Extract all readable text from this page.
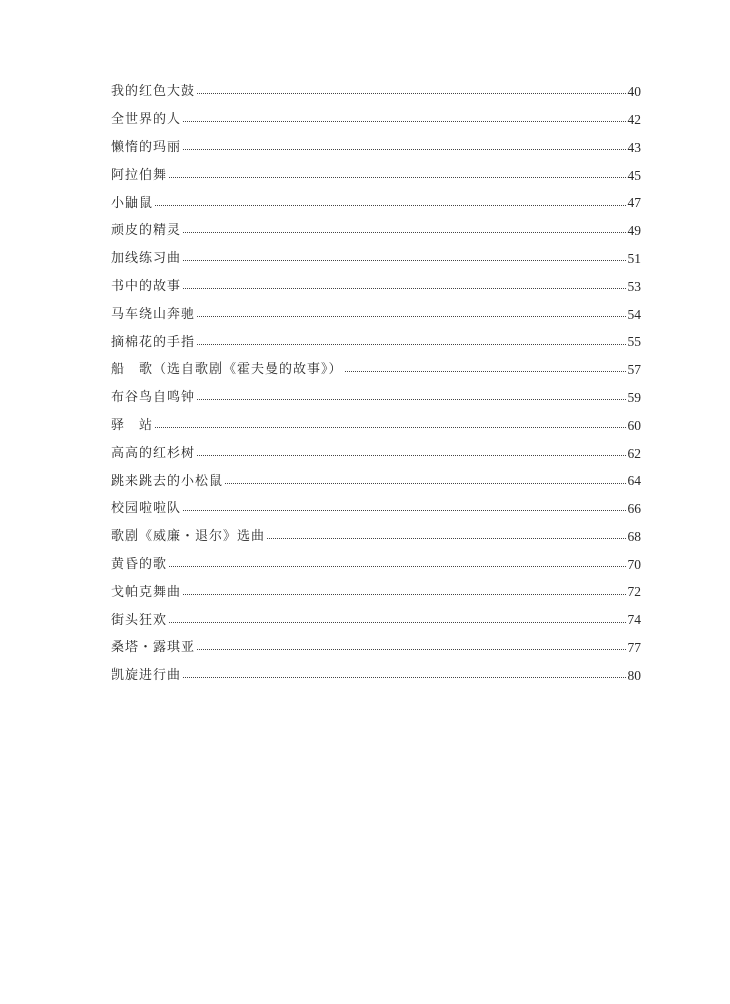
我的红色大鼓	40
全世界的人	42
懒惰的玛丽	43
阿拉伯舞	45
小鼬鼠	47
顽皮的精灵	49
加线练习曲	51
书中的故事	53
马车绕山奔驰	54
摘棉花的手指	55
船　歌（选自歌剧《霍夫曼的故事》）	57
布谷鸟自鸣钟	59
驿　站	60
高高的红杉树	62
跳来跳去的小松鼠	64
校园啦啦队	66
歌剧《威廉・退尔》选曲	68
黄昏的歌	70
戈帕克舞曲	72
街头狂欢	74
桑塔・露琪亚	77
凯旋进行曲	80
